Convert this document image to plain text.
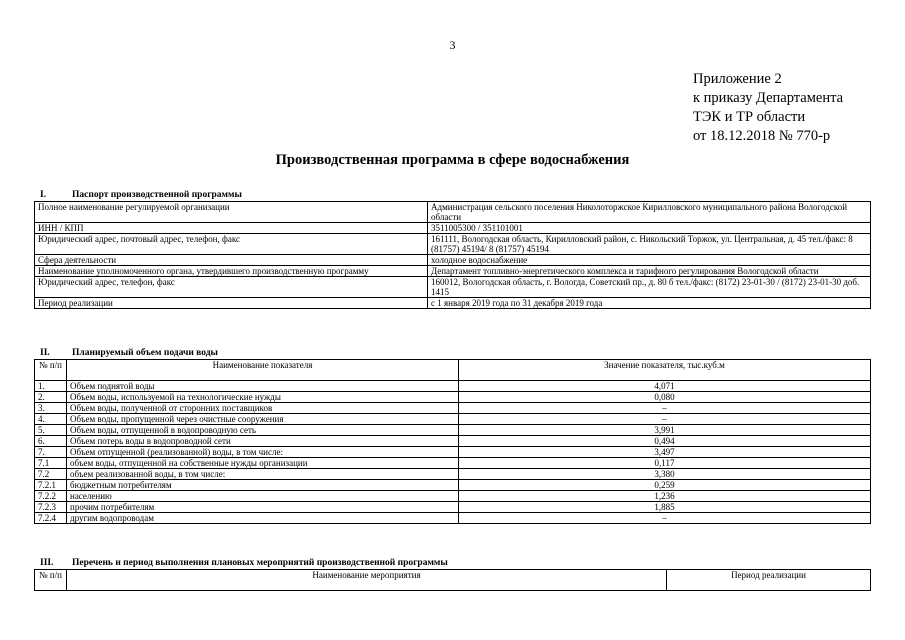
3
Приложение 2
к приказу Департамента
ТЭК и ТР области
от 18.12.2018 № 770-р
Производственная программа в сфере водоснабжения
I.	Паспорт производственной программы
Полное наименование регулируемой организации	Администрация сельского поселения Николоторжское Кирилловского муниципального района Вологодской области
ИНН / КПП	3511005300 / 351101001
Юридический адрес, почтовый адрес, телефон, факс	161111, Вологодская область, Кирилловский район, с. Никольский Торжок, ул. Центральная, д. 45 тел./факс: 8 (81757) 45194/ 8 (81757) 45194
Сфера деятельности	холодное водоснабжение
Наименование уполномоченного органа, утвердившего производственную программу	Департамент топливно-энергетического комплекса и тарифного регулирования Вологодской области
Юридический адрес, телефон, факс	160012, Вологодская область, г. Вологда, Советский пр., д. 80 б тел./факс: (8172) 23-01-30 / (8172) 23-01-30 доб. 1415
Период реализации	с 1 января 2019 года по 31 декабря 2019 года
II. Планируемый объем подачи воды
№ п/п	Наименование показателя	Значение показателя, тыс.куб.м
1.	Объем поднятой воды	4,071
2.	Объем воды, используемой на технологические нужды	0,080
3.	Объем воды, полученной от сторонних поставщиков	–
4.	Объем воды, пропущенной через очистные сооружения	–
5.	Объем воды, отпущенной в водопроводную сеть	3,991
6.	Объем потерь воды в водопроводной сети	0,494
7.	Объем отпущенной (реализованной) воды, в том числе:	3,497
7.1	объем воды, отпущенной на собственные нужды организации	0,117
7.2	объем реализованной воды, в том числе:	3,380
7.2.1	бюджетным потребителям	0,259
7.2.2	населению	1,236
7.2.3	прочим потребителям	1,885
7.2.4	другим водопроводам	–
III. Перечень и период выполнения плановых мероприятий производственной программы
№ п/п	Наименование мероприятия	Период реализации
